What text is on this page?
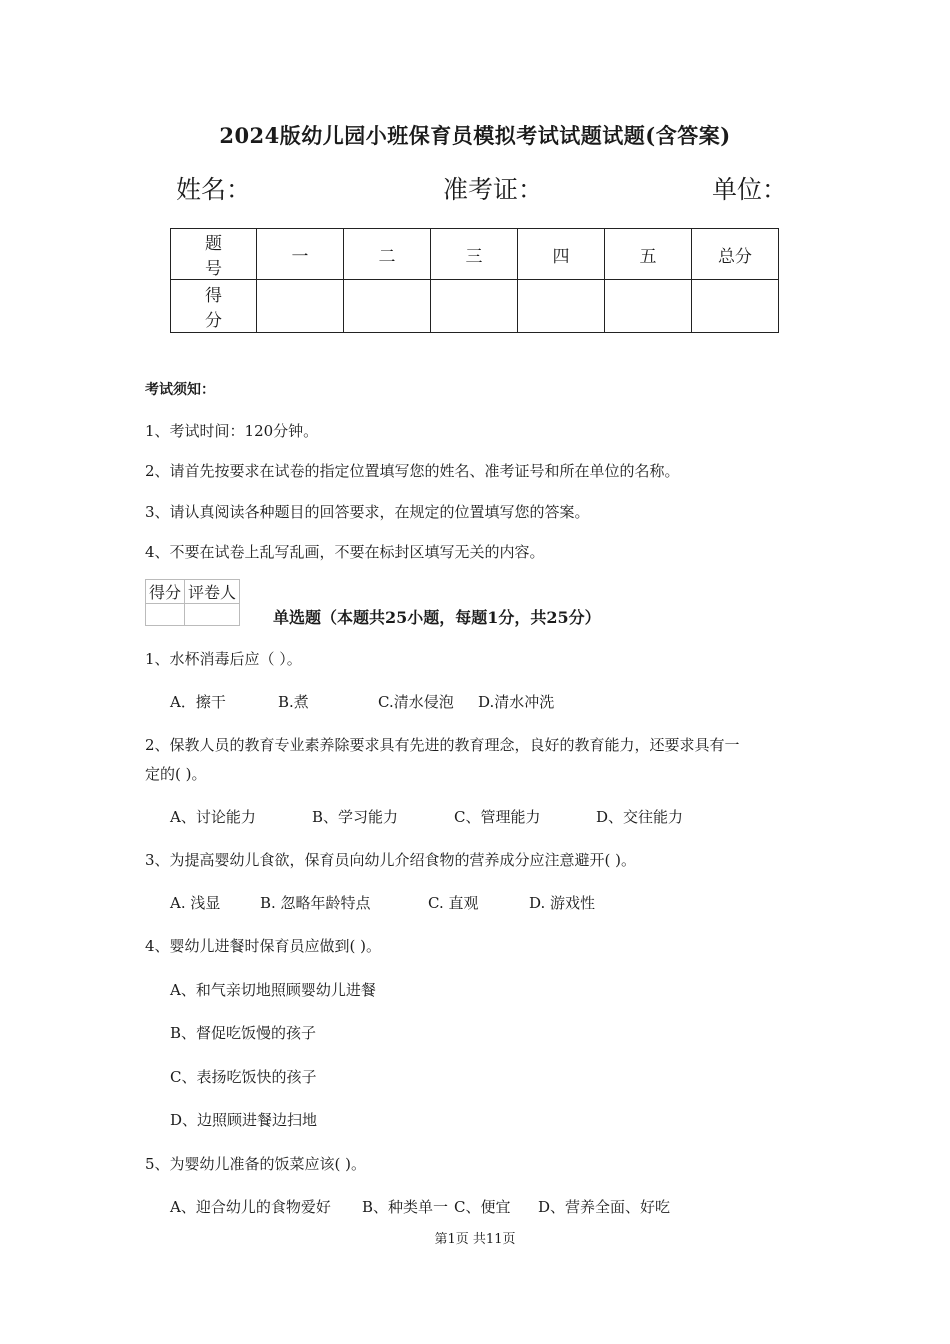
2024版幼儿园小班保育员模拟考试试题试题(含答案)
姓名：	准考证：	单位：
题 号	一	二	三	四	五	总分
得 分						
考试须知：
1、考试时间：120分钟。
2、请首先按要求在试卷的指定位置填写您的姓名、准考证号和所在单位的名称。
3、请认真阅读各种题目的回答要求，在规定的位置填写您的答案。
4、不要在试卷上乱写乱画，不要在标封区填写无关的内容。
得分	评卷人

单选题（本题共25小题，每题1分，共25分）
1、水杯消毒后应（ ）。
A．擦干	B.煮	C.清水侵泡 D.清水冲洗
2、保教人员的教育专业素养除要求具有先进的教育理念，良好的教育能力，还要求具有一
定的( )。
A、讨论能力	B、学习能力	C、管理能力	D、交往能力
3、为提高婴幼儿食欲，保育员向幼儿介绍食物的营养成分应注意避开( )。
A. 浅显	B. 忽略年龄特点	C. 直观	D. 游戏性
4、婴幼儿进餐时保育员应做到( )。
A、和气亲切地照顾婴幼儿进餐
B、督促吃饭慢的孩子
C、表扬吃饭快的孩子
D、边照顾进餐边扫地
5、为婴幼儿准备的饭菜应该( )。
A、迎合幼儿的食物爱好 B、种类单一 C、便宜 D、营养全面、好吃
第1页 共11页
